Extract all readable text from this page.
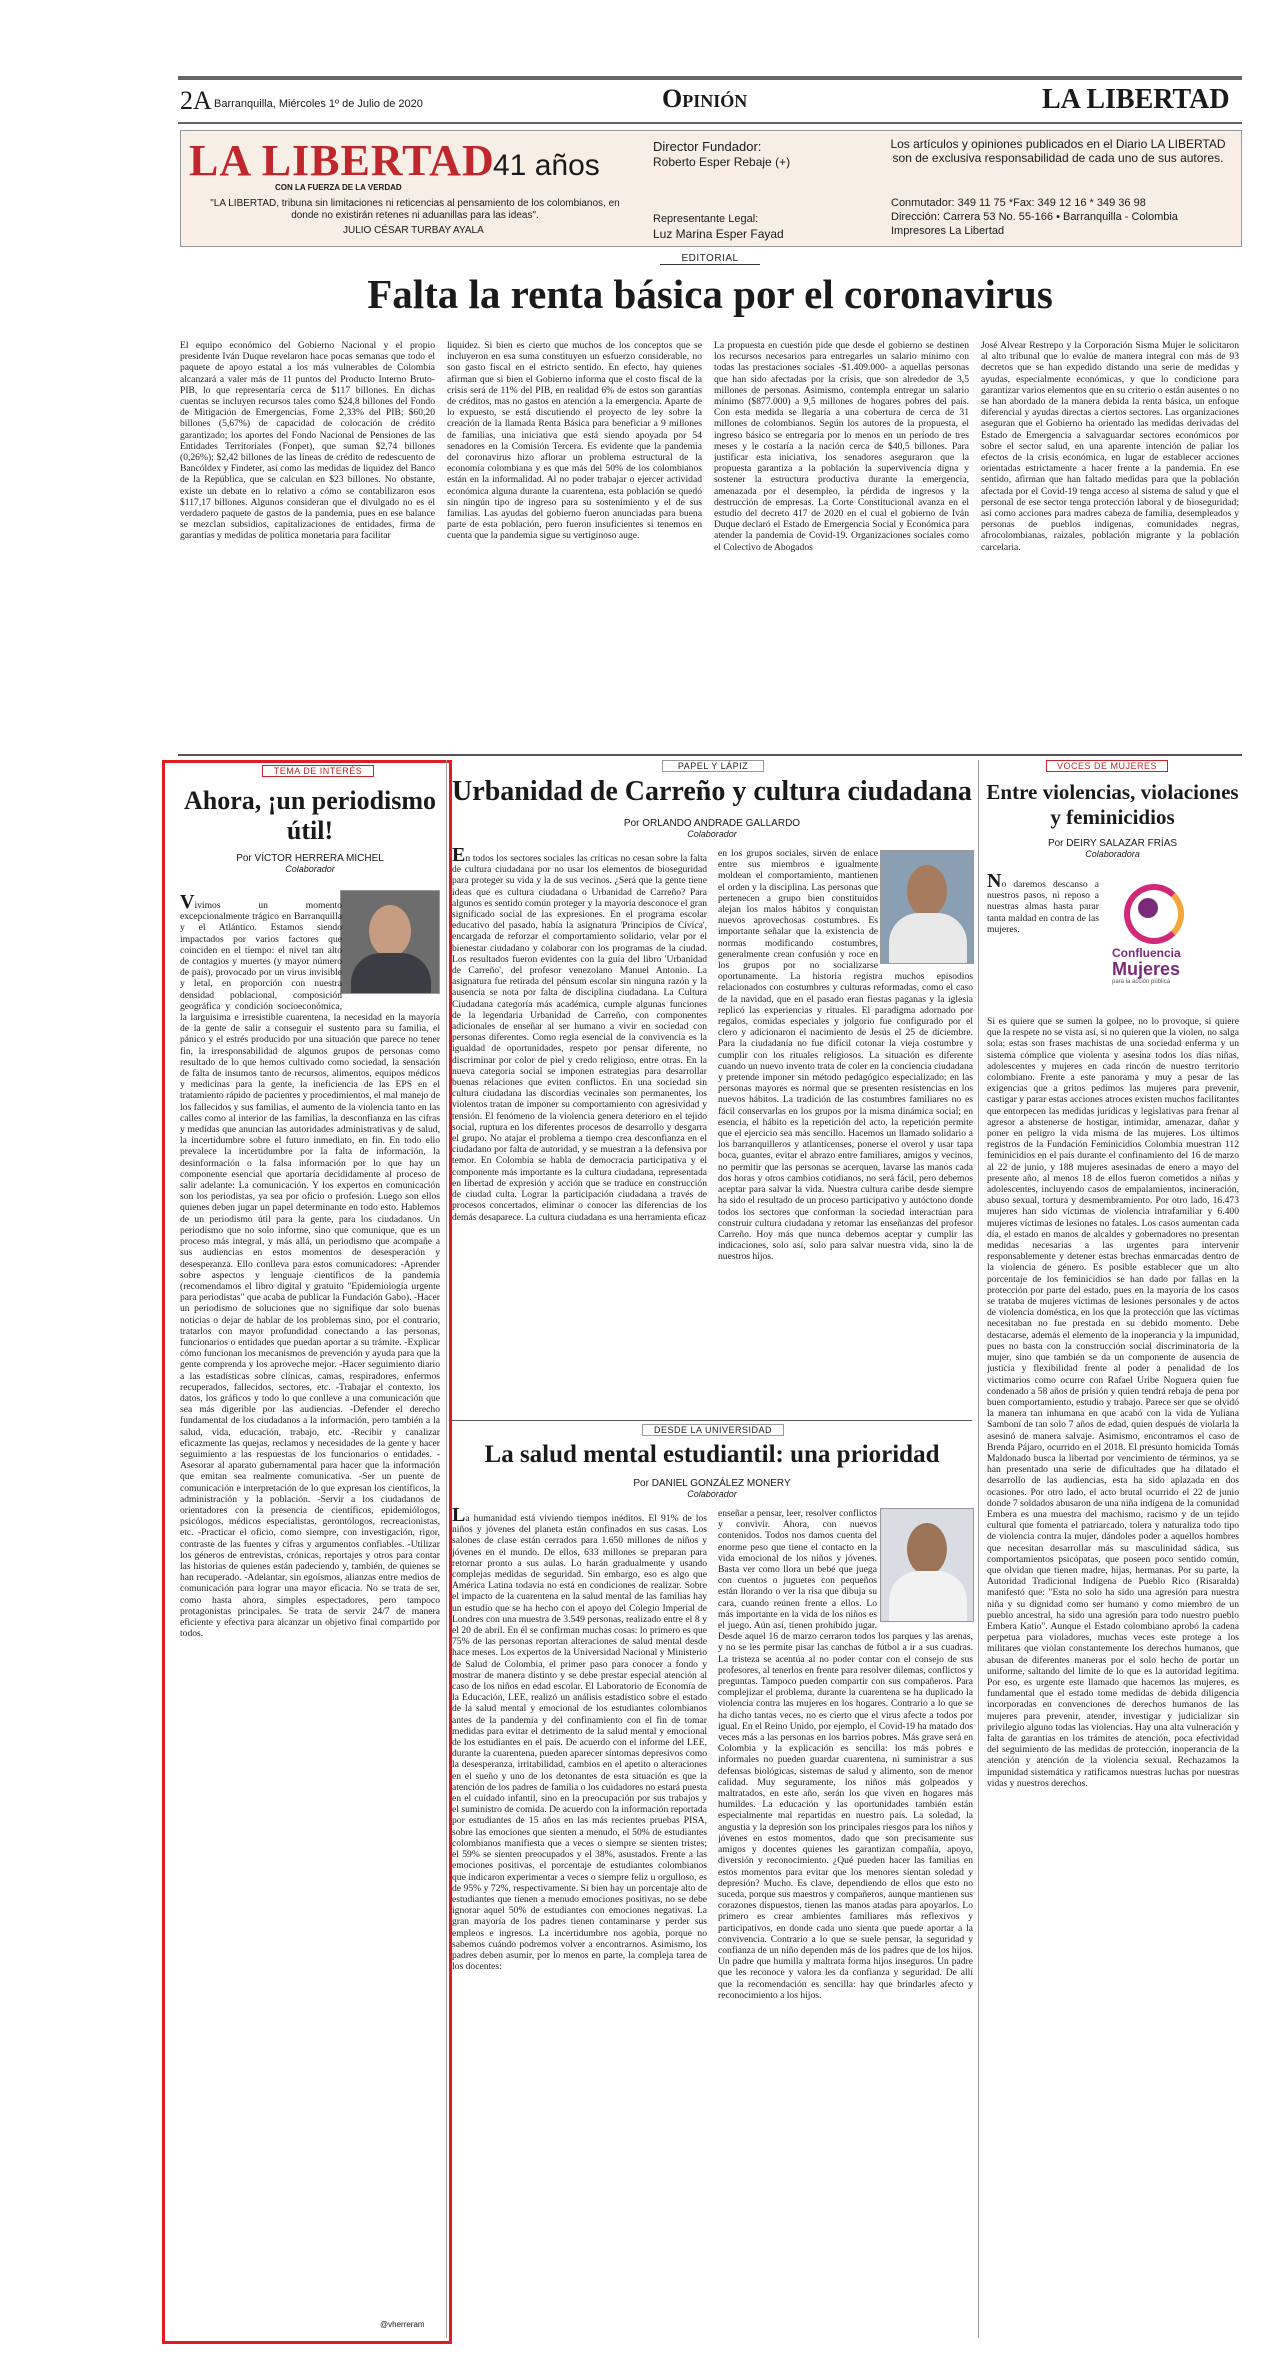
2A Barranquilla, Miércoles 1º de Julio de 2020	Opinión	LA LIBERTAD
LA LIBERTAD
CON LA FUERZA DE LA VERDAD
41 años
"LA LIBERTAD, tribuna sin limitaciones ni reticencias al pensamiento de los colombianos, en donde no existirán retenes ni aduanillas para las ideas".
JULIO CÉSAR TURBAY AYALA
Director Fundador:
Roberto Esper Rebaje (+)
Representante Legal:
Luz Marina Esper Fayad
Los artículos y opiniones publicados en el Diario LA LIBERTAD son de exclusiva responsabilidad de cada uno de sus autores.
Conmutador: 349 11 75 *Fax: 349 12 16 * 349 36 98
Dirección: Carrera 53 No. 55-166 • Barranquilla - Colombia
Impresores La Libertad
EDITORIAL
Falta la renta básica por el coronavirus
El equipo económico del Gobierno Nacional y el propio presidente Iván Duque revelaron hace pocas semanas que todo el paquete de apoyo estatal a los más vulnerables de Colombia alcanzará a valer más de 11 puntos del Producto Interno Bruto-PIB, lo que representaría cerca de $117 billones. En dichas cuentas se incluyen recursos tales como $24,8 billones del Fondo de Mitigación de Emergencias, Fome 2,33% del PIB; $60,20 billones (5,67%) de capacidad de colocación de crédito garantizado; los aportes del Fondo Nacional de Pensiones de las Entidades Territoriales (Fonpet), que suman $2,74 billones (0,26%); $2,42 billones de las líneas de crédito de redescuento de Bancóldex y Findeter, así como las medidas de liquidez del Banco de la República, que se calculan en $23 billones. No obstante, existe un debate en lo relativo a cómo se contabilizaron esos $117,17 billones. Algunos consideran que el divulgado no es el verdadero paquete de gastos de la pandemia, pues en ese balance se mezclan subsidios, capitalizaciones de entidades, firma de garantías y medidas de política monetaria para facilitar
liquidez. Si bien es cierto que muchos de los conceptos que se incluyeron en esa suma constituyen un esfuerzo considerable, no son gasto fiscal en el estricto sentido. En efecto, hay quienes afirman que si bien el Gobierno informa que el costo fiscal de la crisis será de 11% del PIB, en realidad 6% de estos son garantías de créditos, mas no gastos en atención a la emergencia. Aparte de lo expuesto, se está discutiendo el proyecto de ley sobre la creación de la llamada Renta Básica para beneficiar a 9 millones de familias, una iniciativa que está siendo apoyada por 54 senadores en la Comisión Tercera. Es evidente que la pandemia del coronavirus hizo aflorar un problema estructural de la economía colombiana y es que más del 50% de los colombianos están en la informalidad. Al no poder trabajar o ejercer actividad económica alguna durante la cuarentena, esta población se quedó sin ningún tipo de ingreso para su sostenimiento y el de sus familias. Las ayudas del gobierno fueron anunciadas para buena parte de esta población, pero fueron insuficientes si tenemos en cuenta que la pandemia sigue su vertiginoso auge.
La propuesta en cuestión pide que desde el gobierno se destinen los recursos necesarios para entregarles un salario mínimo con todas las prestaciones sociales -$1.409.000- a aquellas personas que han sido afectadas por la crisis, que son alrededor de 3,5 millones de personas. Asimismo, contempla entregar un salario mínimo ($877.000) a 9,5 millones de hogares pobres del país. Con esta medida se llegaría a una cobertura de cerca de 31 millones de colombianos. Según los autores de la propuesta, el ingreso básico se entregaría por lo menos en un período de tres meses y le costaría a la nación cerca de $40,5 billones. Para justificar esta iniciativa, los senadores aseguraron que la propuesta garantiza a la población la supervivencia digna y sostener la estructura productiva durante la emergencia, amenazada por el desempleo, la pérdida de ingresos y la destrucción de empresas. La Corte Constitucional avanza en el estudio del decreto 417 de 2020 en el cual el gobierno de Iván Duque declaró el Estado de Emergencia Social y Económica para atender la pandemia de Covid-19. Organizaciones sociales como el Colectivo de Abogados
José Alvear Restrepo y la Corporación Sisma Mujer le solicitaron al alto tribunal que lo evalúe de manera integral con más de 93 decretos que se han expedido distando una serie de medidas y ayudas, especialmente económicas, y que lo condicione para garantizar varios elementos que en su criterio o están ausentes o no se han abordado de la manera debida la renta básica, un enfoque diferencial y ayudas directas a ciertos sectores. Las organizaciones aseguran que el Gobierno ha orientado las medidas derivadas del Estado de Emergencia a salvaguardar sectores económicos por sobre el sector salud, en una aparente intención de paliar los efectos de la crisis económica, en lugar de establecer acciones orientadas estrictamente a hacer frente a la pandemia. En ese sentido, afirman que han faltado medidas para que la población afectada por el Covid-19 tenga acceso al sistema de salud y que el personal de ese sector tenga protección laboral y de bioseguridad; así como acciones para madres cabeza de familia, desempleados y personas de pueblos indígenas, comunidades negras, afrocolombianas, raizales, población migrante y la población carcelaria.
TEMA DE INTERÉS
Ahora, ¡un periodismo útil!
Por VÍCTOR HERRERA MICHEL
Colaborador
Vivimos un momento excepcionalmente trágico en Barranquilla y el Atlántico. Estamos siendo impactados por varios factores que coinciden en el tiempo: el nivel tan alto de contagios y muertes (y mayor número de país), provocado por un virus invisible y letal, en proporción con nuestra densidad poblacional, composición geográfica y condición socioeconómica, la larguísima e irresistible cuarentena, la necesidad en la mayoría de la gente de salir a conseguir el sustento para su familia, el pánico y el estrés producido por una situación que parece no tener fin, la irresponsabilidad de algunos grupos de personas como resultado de lo que hemos cultivado como sociedad, la sensación de falta de insumos tanto de recursos, alimentos, equipos médicos y medicinas para la gente, la ineficiencia de las EPS en el tratamiento rápido de pacientes y procedimientos, el mal manejo de los fallecidos y sus familias, el aumento de la violencia tanto en las calles como al interior de las familias, la desconfianza en las cifras y medidas que anuncian las autoridades administrativas y de salud, la incertidumbre sobre el futuro inmediato, en fin. En todo ello prevalece la incertidumbre por la falta de información, la desinformación o la falsa información por lo que hay un componente esencial que aportaría decididamente al proceso de salir adelante: La comunicación. Y los expertos en comunicación son los periodistas, ya sea por oficio o profesión. Luego son ellos quienes deben jugar un papel determinante en todo esto. Hablemos de un periodismo útil para la gente, para los ciudadanos. Un periodismo que no solo informe, sino que comunique, que es un proceso más integral, y más allá, un periodismo que acompañe a sus audiencias en estos momentos de desesperación y desesperanza. Ello conlleva para estos comunicadores: -Aprender sobre aspectos y lenguaje científicos de la pandemia (recomendamos el libro digital y gratuito "Epidemiología urgente para periodistas" que acaba de publicar la Fundación Gabo). -Hacer un periodismo de soluciones que no signifique dar solo buenas noticias o dejar de hablar de los problemas sino, por el contrario, tratarlos con mayor profundidad conectando a las personas, funcionarios o entidades que puedan aportar a su trámite. -Explicar cómo funcionan los mecanismos de prevención y ayuda para que la gente comprenda y los aproveche mejor. -Hacer seguimiento diario a las estadísticas sobre clínicas, camas, respiradores, enfermos recuperados, fallecidos, sectores, etc. -Trabajar el contexto, los datos, los gráficos y todo lo que conlleve a una comunicación que sea más digerible por las audiencias. -Defender el derecho fundamental de los ciudadanos a la información, pero también a la salud, vida, educación, trabajo, etc. -Recibir y canalizar eficazmente las quejas, reclamos y necesidades de la gente y hacer seguimiento a las respuestas de los funcionarios o entidades. -Asesorar al aparato gubernamental para hacer que la información que emitan sea realmente comunicativa. -Ser un puente de comunicación e interpretación de lo que expresan los científicos, la administración y la población. -Servir a los ciudadanos de orientadores con la presencia de científicos, epidemiólogos, psicólogos, médicos especialistas, gerontólogos, recreacionistas, etc. -Practicar el oficio, como siempre, con investigación, rigor, contraste de las fuentes y cifras y argumentos confiables. -Utilizar los géneros de entrevistas, crónicas, reportajes y otros para contar las historias de quienes están padeciendo y, también, de quienes se han recuperado. -Adelantar, sin egoísmos, alianzas entre medios de comunicación para lograr una mayor eficacia. No se trata de ser, como hasta ahora, simples espectadores, pero tampoco protagonistas principales. Se trata de servir 24/7 de manera eficiente y efectiva para alcanzar un objetivo final compartido por todos.
@vherreram
PAPEL Y LÁPIZ
Urbanidad de Carreño y cultura ciudadana
Por ORLANDO ANDRADE GALLARDO
Colaborador
En todos los sectores sociales las críticas no cesan sobre la falta de cultura ciudadana por no usar los elementos de bioseguridad para proteger su vida y la de sus vecinos. ¿Será que la gente tiene ideas que es cultura ciudadana o Urbanidad de Carreño? Para algunos es sentido común proteger y la mayoría desconoce el gran significado social de las expresiones. En el programa escolar educativo del pasado, había la asignatura 'Principios de Cívica', encargada de reforzar el comportamiento solidario, velar por el bienestar ciudadano y colaborar con los programas de la ciudad. Los resultados fueron evidentes con la guía del libro 'Urbanidad de Carreño', del profesor venezolano Manuel Antonio. La asignatura fue retirada del pénsum escolar sin ninguna razón y la ausencia se nota por falta de disciplina ciudadana. La Cultura Ciudadana categoría más académica, cumple algunas funciones de la legendaria Urbanidad de Carreño, con componentes adicionales de enseñar al ser humano a vivir en sociedad con personas diferentes. Como regla esencial de la convivencia es la igualdad de oportunidades, respeto por pensar diferente, no discriminar por color de piel y credo religioso, entre otras. En la nueva categoría social se imponen estrategias para desarrollar buenas relaciones que eviten conflictos. En una sociedad sin cultura ciudadana las discordias vecinales son permanentes, los violentos tratan de imponer su comportamiento con agresividad y tensión. El fenómeno de la violencia genera deterioro en el tejido social, ruptura en los diferentes procesos de desarrollo y desgarra el grupo. No atajar el problema a tiempo crea desconfianza en el ciudadano por falta de autoridad, y se muestran a la defensiva por temor. En Colombia se habla de democracia participativa y el componente más importante es la cultura ciudadana, representada en libertad de expresión y acción que se traduce en construcción de ciudad culta. Lograr la participación ciudadana a través de procesos concertados, eliminar o conocer las diferencias de los demás desaparece. La cultura ciudadana es una herramienta eficaz
en los grupos sociales, sirven de enlace entre sus miembros e igualmente moldean el comportamiento, mantienen el orden y la disciplina. Las personas que pertenecen a grupo bien constituidos alejan los malos hábitos y conquistan nuevos aprovechosas costumbres. Es importante señalar que la existencia de normas modificando costumbres, generalmente crean confusión y roce en los grupos por no socializarse oportunamente. La historia registra muchos episodios relacionados con costumbres y culturas reformadas, como el caso de la navidad, que en el pasado eran fiestas paganas y la iglesia replicó las experiencias y rituales. El paradigma adornado por regalos, comidas especiales y jolgorio fue configurado por el clero y adicionaron el nacimiento de Jesús el 25 de diciembre. Para la ciudadanía no fue difícil cotonar la vieja costumbre y cumplir con los rituales religiosos. La situación es diferente cuando un nuevo invento trata de coler en la conciencia ciudadana y pretende imponer sin método pedagógico especializado; en las personas mayores es normal que se presenten resistencias en los nuevos hábitos. La tradición de las costumbres familiares no es fácil conservarlas en los grupos por la misma dinámica social; en esencia, el hábito es la repetición del acto, la repetición permite que el ejercicio sea más sencillo. Hacemos un llamado solidario a los barranquilleros y atlanticenses, ponerse el overol y usar tapa boca, guantes, evitar el abrazo entre familiares, amigos y vecinos, no permitir que las personas se acerquen, lavarse las manos cada dos horas y otros cambios cotidianos, no será fácil, pero debemos aceptar para salvar la vida. Nuestra cultura caribe desde siempre ha sido el resultado de un proceso participativo y autóctono donde todos los sectores que conforman la sociedad interactúan para construir cultura ciudadana y retomar las enseñanzas del profesor Carreño. Hoy más que nunca debemos aceptar y cumplir las indicaciones, solo así, solo para salvar nuestra vida, sino la de nuestros hijos.
DESDE LA UNIVERSIDAD
La salud mental estudiantil: una prioridad
Por DANIEL GONZÁLEZ MONERY
Colaborador
La humanidad está viviendo tiempos inéditos. El 91% de los niños y jóvenes del planeta están confinados en sus casas. Los salones de clase están cerrados para 1.650 millones de niños y jóvenes en el mundo. De ellos, 633 millones se preparan para retornar pronto a sus aulas. Lo harán gradualmente y usando complejas medidas de seguridad. Sin embargo, eso es algo que América Latina todavía no está en condiciones de realizar. Sobre el impacto de la cuarentena en la salud mental de las familias hay un estudio que se ha hecho con el apoyo del Colegio Imperial de Londres con una muestra de 3.549 personas, realizado entre el 8 y el 20 de abril. En él se confirman muchas cosas: lo primero es que 75% de las personas reportan alteraciones de salud mental desde hace meses. Los expertos de la Universidad Nacional y Ministerio de Salud de Colombia, el primer paso para conocer a fondo y mostrar de manera distinto y se debe prestar especial atención al caso de los niños en edad escolar. El Laboratorio de Economía de la Educación, LEE, realizó un análisis estadístico sobre el estado de la salud mental y emocional de los estudiantes colombianos antes de la pandemia y del confinamiento con el fin de tomar medidas para evitar el detrimento de la salud mental y emocional de los estudiantes en el país. De acuerdo con el informe del LEE, durante la cuarentena, pueden aparecer síntomas depresivos como la desesperanza, irritabilidad, cambios en el apetito o alteraciones en el sueño y uno de los detonantes de esta situación es que la atención de los padres de familia o los cuidadores no estará puesta en el cuidado infantil, sino en la preocupación por sus trabajos y el suministro de comida. De acuerdo con la información reportada por estudiantes de 15 años en las más recientes pruebas PISA, sobre las emociones que sienten a menudo, el 50% de estudiantes colombianos manifiesta que a veces o siempre se sienten tristes; el 59% se sienten preocupados y el 38%, asustados. Frente a las emociones positivas, el porcentaje de estudiantes colombianos que indicaron experimentar a veces o siempre feliz u orgulloso, es de 95% y 72%, respectivamente. Si bien hay un porcentaje alto de estudiantes que tienen a menudo emociones positivas, no se debe ignorar aquel 50% de estudiantes con emociones negativas. La gran mayoría de los padres tienen contaminarse y perder sus empleos e ingresos. La incertidumbre nos agobia, porque no sabemos cuándo podremos volver a encontrarnos. Asimismo, los padres deben asumir, por lo menos en parte, la compleja tarea de los docentes:
enseñar a pensar, leer, resolver conflictos y convivir. Ahora, con nuevos contenidos. Todos nos damos cuenta del enorme peso que tiene el contacto en la vida emocional de los niños y jóvenes. Basta ver como llora un bebé que juega con cuentos o juguetes con pequeños están llorando o ver la risa que dibuja su cara, cuando reúnen frente a ellos. Lo más importante en la vida de los niños es el juego. Aún así, tienen prohibido jugar. Desde aquel 16 de marzo cerraron todos los parques y las arenas, y no se les permite pisar las canchas de fútbol a ir a sus cuadras. La tristeza se acentúa al no poder contar con el consejo de sus profesores, al tenerlos en frente para resolver dilemas, conflictos y preguntas. Tampoco pueden compartir con sus compañeros. Para complejizar el problema, durante la cuarentena se ha duplicado la violencia contra las mujeres en los hogares. Contrario a lo que se ha dicho tantas veces, no es cierto que el virus afecte a todos por igual. En el Reino Unido, por ejemplo, el Covid-19 ha matado dos veces más a las personas en los barrios pobres. Más grave será en Colombia y la explicación es sencilla: los más pobres e informales no pueden guardar cuarentena, ni suministrar a sus defensas biológicas, sistemas de salud y alimento, son de menor calidad. Muy seguramente, los niños más golpeados y maltratados, en este año, serán los que viven en hogares más humildes. La educación y las oportunidades también están especialmente mal repartidas en nuestro país. La soledad, la angustia y la depresión son los principales riesgos para los niños y jóvenes en estos momentos, dado que son precisamente sus amigos y docentes quienes les garantizan compañía, apoyo, diversión y reconocimiento. ¿Qué pueden hacer las familias en estos momentos para evitar que los menores sientan soledad y depresión? Mucho. Es clave, dependiendo de ellos que esto no suceda, porque sus maestros y compañeros, aunque mantienen sus corazones dispuestos, tienen las manos atadas para apoyarlos. Lo primero es crear ambientes familiares más reflexivos y participativos, en donde cada uno sienta que puede aportar a la convivencia. Contrario a lo que se suele pensar, la seguridad y confianza de un niño dependen más de los padres que de los hijos. Un padre que humilla y maltrata forma hijos inseguros. Un padre que les reconoce y valora les da confianza y seguridad. De allí que la recomendación es sencilla: hay que brindarles afecto y reconocimiento a los hijos.
VOCES DE MUJERES
Entre violencias, violaciones y feminicidios
Por DEIRY SALAZAR FRÍAS
Colaboradora
No daremos descanso a nuestros pasos, ni reposo a nuestras almas hasta parar tanta maldad en contra de las mujeres.
Confluencia
Mujeres
para la acción pública
Si es quiere que se sumen la golpee, no lo provoque, si quiere que la respete no se vista así, si no quieren que la violen, no salga sola; estas son frases machistas de una sociedad enferma y un sistema cómplice que violenta y asesina todos los días niñas, adolescentes y mujeres en cada rincón de nuestro territorio colombiano. Frente a este panorama y muy a pesar de las exigencias que a gritos pedimos las mujeres para prevenir, castigar y parar estas acciones atroces existen muchos facilitantes que entorpecen las medidas jurídicas y legislativas para frenar al agresor a abstenerse de hostigar, intimidar, amenazar, dañar y poner en peligro la vida misma de las mujeres. Los últimos registros de la Fundación Feminicidios Colombia muestran 112 feminicidios en el país durante el confinamiento del 16 de marzo al 22 de junio, y 188 mujeres asesinadas de enero a mayo del presente año, al menos 18 de ellos fueron cometidos a niñas y adolescentes, incluyendo casos de empalamientos, incineración, abuso sexual, tortura y desmembramiento. Por otro lado, 16.473 mujeres han sido víctimas de violencia intrafamiliar y 6.400 mujeres víctimas de lesiones no fatales. Los casos aumentan cada día, el estado en manos de alcaldes y gobernadores no presentan medidas necesarias a las urgentes para intervenir responsablemente y detener estas brechas enmarcadas dentro de la violencia de género. Es posible establecer que un alto porcentaje de los feminicidios se han dado por fallas en la protección por parte del estado, pues en la mayoría de los casos se trataba de mujeres víctimas de lesiones personales y de actos de violencia doméstica, en los que la protección que las víctimas necesitaban no fue prestada en su debido momento. Debe destacarse, además el elemento de la inoperancia y la impunidad, pues no basta con la construcción social discriminatoria de la mujer, sino que también se da un componente de ausencia de justicia y flexibilidad frente al poder a penalidad de los victimarios como ocurre con Rafael Uribe Noguera quien fue condenado a 58 años de prisión y quien tendrá rebaja de pena por buen comportamiento, estudio y trabajo. Parece ser que se olvidó la manera tan inhumana en que acabó con la vida de Yuliana Samboní de tan solo 7 años de edad, quien después de violarla la asesinó de manera salvaje. Asimismo, encontramos el caso de Brenda Pájaro, ocurrido en el 2018. El presunto homicida Tomás Maldonado busca la libertad por vencimiento de términos, ya se han presentado una serie de dificultades que ha dilatado el desarrollo de las audiencias, esta ha sido aplazada en dos ocasiones. Por otro lado, el acto brutal ocurrido el 22 de junio donde 7 soldados abusaron de una niña indígena de la comunidad Embera es una muestra del machismo, racismo y de un tejido cultural que fomenta el patriarcado, tolera y naturaliza todo tipo de violencia contra la mujer, dándoles poder a aquellos hombres que necesitan desarrollar más su masculinidad sádica, sus comportamientos psicópatas, que poseen poco sentido común, que olvidan que tienen madre, hijas, hermanas. Por su parte, la Autoridad Tradicional Indígena de Pueblo Rico (Risaralda) manifestó que: "Esta no solo ha sido una agresión para nuestra niña y su dignidad como ser humano y como miembro de un pueblo ancestral, ha sido una agresión para todo nuestro pueblo Embera Katío". Aunque el Estado colombiano aprobó la cadena perpetua para violadores, muchas veces este protege a los militares que violan constantemente los derechos humanos, que abusan de diferentes maneras por el solo hecho de portar un uniforme, saltando del límite de lo que es la autoridad legítima. Por eso, es urgente este llamado que hacemos las mujeres, es fundamental que el estado tome medidas de debida diligencia incorporadas en convenciones de derechos humanos de las mujeres para prevenir, atender, investigar y judicializar sin privilegio alguno todas las violencias. Hay una alta vulneración y falta de garantías en los trámites de atención, poca efectividad del seguimiento de las medidas de protección, inoperancia de la atención y atención de la violencia sexual. Rechazamos la impunidad sistemática y ratificamos nuestras luchas por nuestras vidas y nuestros derechos.
